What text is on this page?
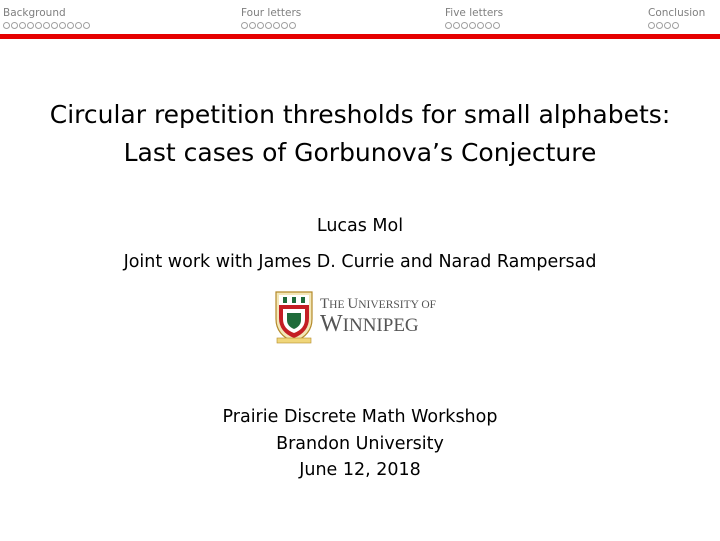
Background	Four letters	Five letters	Conclusion
Circular repetition thresholds for small alphabets:
Last cases of Gorbunova’s Conjecture
Lucas Mol
Joint work with James D. Currie and Narad Rampersad
THE UNIVERSITY OF
WINNIPEG
Prairie Discrete Math Workshop
Brandon University
June 12, 2018
